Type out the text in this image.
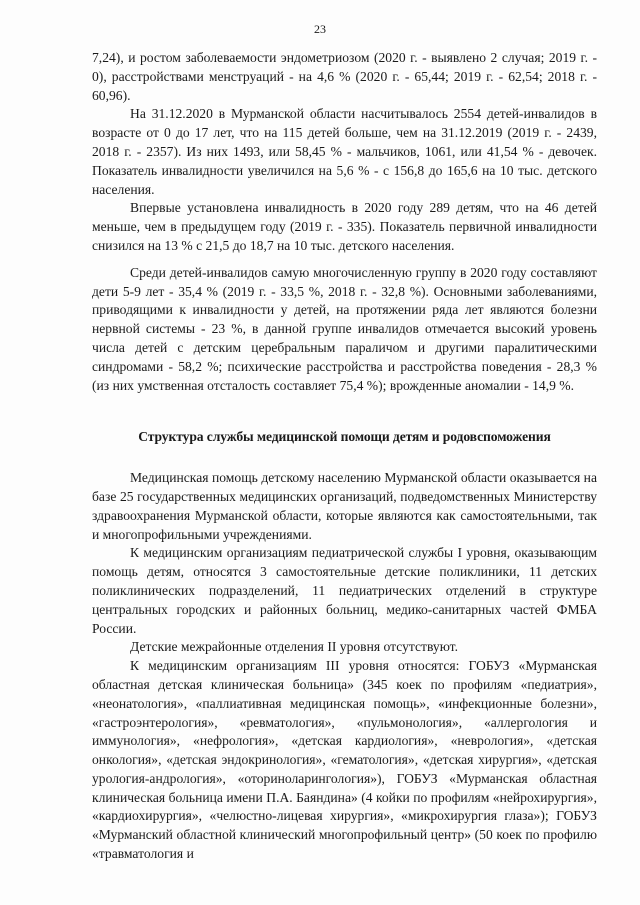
23

7,24), и ростом заболеваемости эндометриозом (2020 г. - выявлено 2 случая; 2019 г. - 0), расстройствами менструаций - на 4,6 % (2020 г. - 65,44; 2019 г. - 62,54; 2018 г. - 60,96).

На 31.12.2020 в Мурманской области насчитывалось 2554 детей-инвалидов в возрасте от 0 до 17 лет, что на 115 детей больше, чем на 31.12.2019 (2019 г. - 2439, 2018 г. - 2357). Из них 1493, или 58,45 % - мальчиков, 1061, или 41,54 % - девочек. Показатель инвалидности увеличился на 5,6 % - с 156,8 до 165,6 на 10 тыс. детского населения.

Впервые установлена инвалидность в 2020 году 289 детям, что на 46 детей меньше, чем в предыдущем году (2019 г. - 335). Показатель первичной инвалидности снизился на 13 % с 21,5 до 18,7 на 10 тыс. детского населения.

Среди детей-инвалидов самую многочисленную группу в 2020 году составляют дети 5-9 лет - 35,4 % (2019 г. - 33,5 %, 2018 г. - 32,8 %). Основными заболеваниями, приводящими к инвалидности у детей, на протяжении ряда лет являются болезни нервной системы - 23 %, в данной группе инвалидов отмечается высокий уровень числа детей с детским церебральным параличом и другими паралитическими синдромами - 58,2 %; психические расстройства и расстройства поведения - 28,3 % (из них умственная отсталость составляет 75,4 %); врожденные аномалии - 14,9 %.

Структура службы медицинской помощи детям и родовспоможения

Медицинская помощь детскому населению Мурманской области оказывается на базе 25 государственных медицинских организаций, подведомственных Министерству здравоохранения Мурманской области, которые являются как самостоятельными, так и многопрофильными учреждениями.

К медицинским организациям педиатрической службы I уровня, оказывающим помощь детям, относятся 3 самостоятельные детские поликлиники, 11 детских поликлинических подразделений, 11 педиатрических отделений в структуре центральных городских и районных больниц, медико-санитарных частей ФМБА России.

Детские межрайонные отделения II уровня отсутствуют.

К медицинским организациям III уровня относятся: ГОБУЗ «Мурманская областная детская клиническая больница» (345 коек по профилям «педиатрия», «неонатология», «паллиативная медицинская помощь», «инфекционные болезни», «гастроэнтерология», «ревматология», «пульмонология», «аллергология и иммунология», «нефрология», «детская кардиология», «неврология», «детская онкология», «детская эндокринология», «гематология», «детская хирургия», «детская урология-андрология», «оториноларингология»), ГОБУЗ «Мурманская областная клиническая больница имени П.А. Баяндина» (4 койки по профилям «нейрохирургия», «кардиохирургия», «челюстно-лицевая хирургия», «микрохирургия глаза»); ГОБУЗ «Мурманский областной клинический многопрофильный центр» (50 коек по профилю «травматология и
